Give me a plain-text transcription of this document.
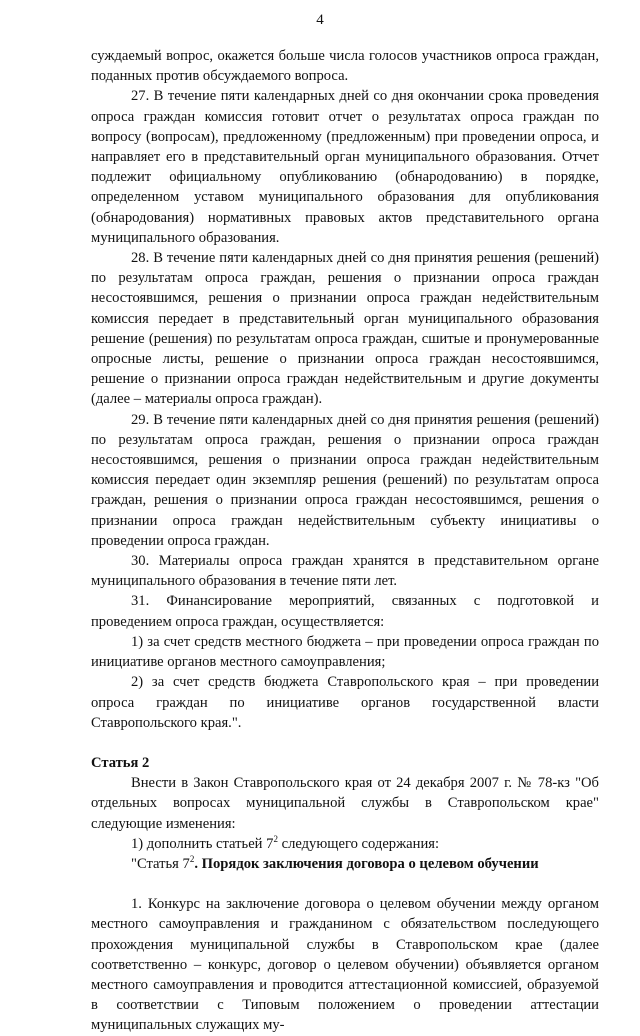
4

суждаемый вопрос, окажется больше числа голосов участников опроса граждан, поданных против обсуждаемого вопроса.

27. В течение пяти календарных дней со дня окончании срока проведения опроса граждан комиссия готовит отчет о результатах опроса граждан по вопросу (вопросам), предложенному (предложенным) при проведении опроса, и направляет его в представительный орган муниципального образования. Отчет подлежит официальному опубликованию (обнародованию) в порядке, определенном уставом муниципального образования для опубликования (обнародования) нормативных правовых актов представительного органа муниципального образования.

28. В течение пяти календарных дней со дня принятия решения (решений) по результатам опроса граждан, решения о признании опроса граждан несостоявшимся, решения о признании опроса граждан недействительным комиссия передает в представительный орган муниципального образования решение (решения) по результатам опроса граждан, сшитые и пронумерованные опросные листы, решение о признании опроса граждан несостоявшимся, решение о признании опроса граждан недействительным и другие документы (далее – материалы опроса граждан).

29. В течение пяти календарных дней со дня принятия решения (решений) по результатам опроса граждан, решения о признании опроса граждан несостоявшимся, решения о признании опроса граждан недействительным комиссия передает один экземпляр решения (решений) по результатам опроса граждан, решения о признании опроса граждан несостоявшимся, решения о признании опроса граждан недействительным субъекту инициативы о проведении опроса граждан.

30. Материалы опроса граждан хранятся в представительном органе муниципального образования в течение пяти лет.

31. Финансирование мероприятий, связанных с подготовкой и проведением опроса граждан, осуществляется:

1) за счет средств местного бюджета – при проведении опроса граждан по инициативе органов местного самоуправления;

2) за счет средств бюджета Ставропольского края – при проведении опроса граждан по инициативе органов государственной власти Ставропольского края.".

Статья 2

Внести в Закон Ставропольского края от 24 декабря 2007 г. № 78-кз "Об отдельных вопросах муниципальной службы в Ставропольском крае" следующие изменения:

1) дополнить статьей $7^2$ следующего содержания:

"Статья $7^2$. Порядок заключения договора о целевом обучении

1. Конкурс на заключение договора о целевом обучении между органом местного самоуправления и гражданином с обязательством последующего прохождения муниципальной службы в Ставропольском крае (далее соответственно – конкурс, договор о целевом обучении) объявляется органом местного самоуправления и проводится аттестационной комиссией, образуемой в соответствии с Типовым положением о проведении аттестации муниципальных служащих му-
